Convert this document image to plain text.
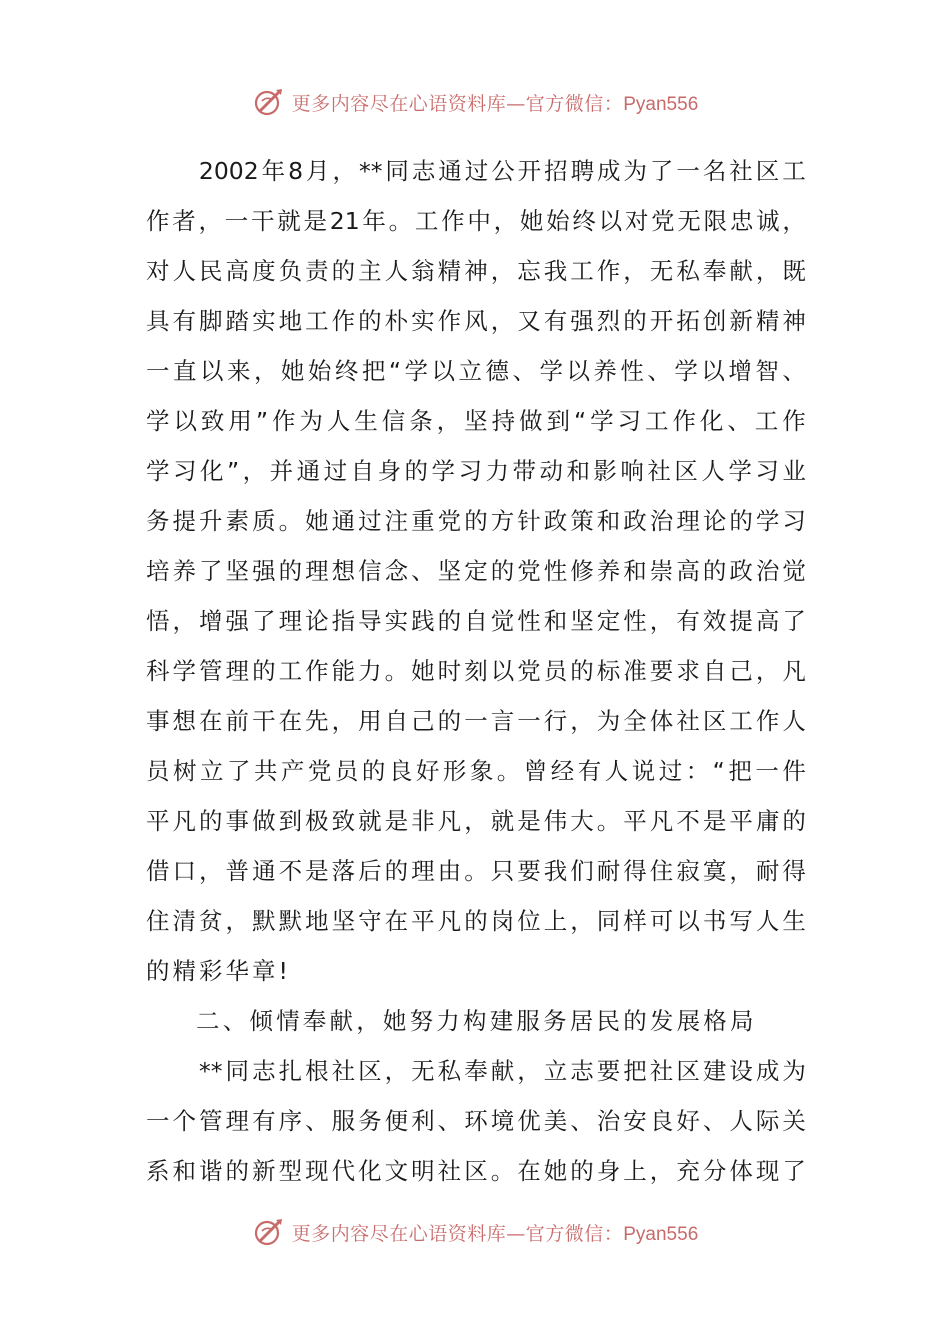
更多内容尽在心语资料库—官方微信：Pyan556

2002 年 8 月 ， ** 同 志 通 过 公 开 招 聘 成 为 了 一 名 社 区 工
作 者 ， 一 干 就 是 21 年 。 工 作 中 ， 她 始 终 以 对 党 无 限 忠 诚 ，
对 人 民 高 度 负 责 的 主 人 翁 精 神 ， 忘 我 工 作 ， 无 私 奉 献 ， 既
具 有 脚 踏 实 地 工 作 的 朴 实 作 风 ， 又 有 强 烈 的 开 拓 创 新 精 神
一 直 以 来 ， 她 始 终 把 “ 学 以 立 德 、 学 以 养 性 、 学 以 增 智 、
学 以 致 用 ” 作 为 人 生 信 条 ， 坚 持 做 到 “ 学 习 工 作 化 、 工 作
学 习 化 ” ， 并 通 过 自 身 的 学 习 力 带 动 和 影 响 社 区 人 学 习 业
务 提 升 素 质 。 她 通 过 注 重 党 的 方 针 政 策 和 政 治 理 论 的 学 习
培 养 了 坚 强 的 理 想 信 念 、 坚 定 的 党 性 修 养 和 崇 高 的 政 治 觉
悟 ， 增 强 了 理 论 指 导 实 践 的 自 觉 性 和 坚 定 性 ， 有 效 提 高 了
科 学 管 理 的 工 作 能 力 。 她 时 刻 以 党 员 的 标 准 要 求 自 己 ， 凡
事 想 在 前 干 在 先 ， 用 自 己 的 一 言 一 行 ， 为 全 体 社 区 工 作 人
员 树 立 了 共 产 党 员 的 良 好 形 象 。 曾 经 有 人 说 过 ： “ 把 一 件
平 凡 的 事 做 到 极 致 就 是 非 凡 ， 就 是 伟 大 。 平 凡 不 是 平 庸 的
借 口 ， 普 通 不 是 落 后 的 理 由 。 只 要 我 们 耐 得 住 寂 寞 ， 耐 得
住 清 贫 ， 默 默 地 坚 守 在 平 凡 的 岗 位 上 ， 同 样 可 以 书 写 人 生
的精彩华章!
二、倾情奉献，她努力构建服务居民的发展格局

** 同 志 扎 根 社 区 ， 无 私 奉 献 ， 立 志 要 把 社 区 建 设 成 为
一 个 管 理 有 序 、 服 务 便 利 、 环 境 优 美 、 治 安 良 好 、 人 际 关
系 和 谐 的 新 型 现 代 化 文 明 社 区 。 在 她 的 身 上 ， 充 分 体 现 了
更多内容尽在心语资料库—官方微信：Pyan556
